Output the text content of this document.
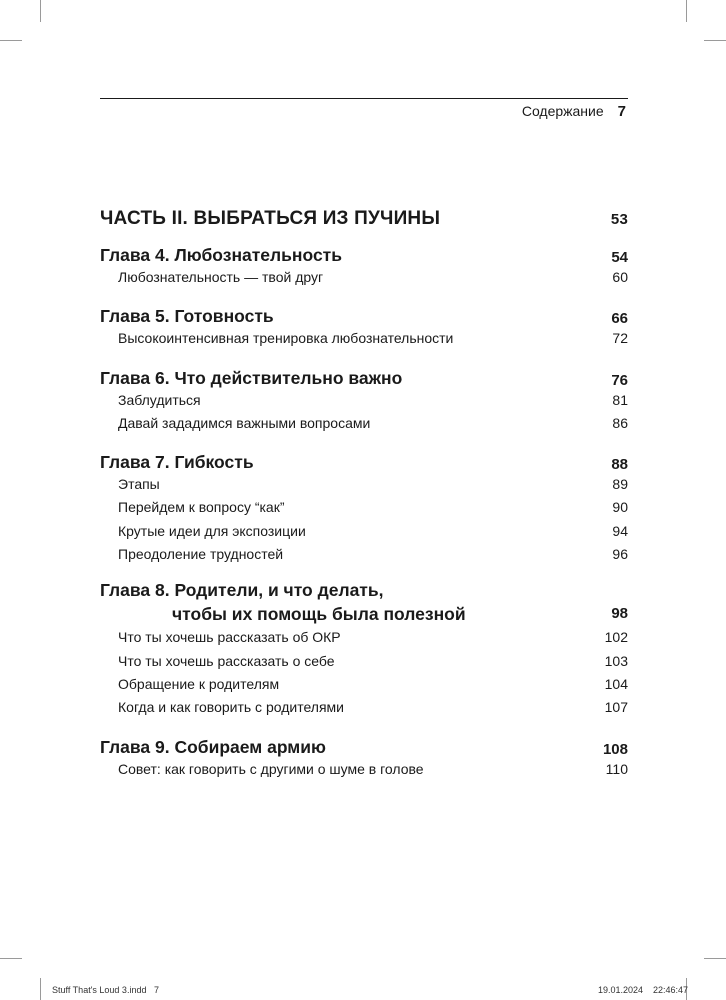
Содержание 7
ЧАСТЬ II. ВЫБРАТЬСЯ ИЗ ПУЧИНЫ	53
Глава 4. Любознательность	54
Любознательность — твой друг	60
Глава 5. Готовность	66
Высокоинтенсивная тренировка любознательности	72
Глава 6. Что действительно важно	76
Заблудиться	81
Давай зададимся важными вопросами	86
Глава 7. Гибкость	88
Этапы	89
Перейдем к вопросу “как”	90
Крутые идеи для экспозиции	94
Преодоление трудностей	96
Глава 8. Родители, и что делать,
чтобы их помощь была полезной	98
Что ты хочешь рассказать об ОКР	102
Что ты хочешь рассказать о себе	103
Обращение к родителям	104
Когда и как говорить с родителями	107
Глава 9. Собираем армию	108
Совет: как говорить с другими о шуме в голове	110
Stuff That's Loud 3.indd   7	19.01.2024 22:46:47
